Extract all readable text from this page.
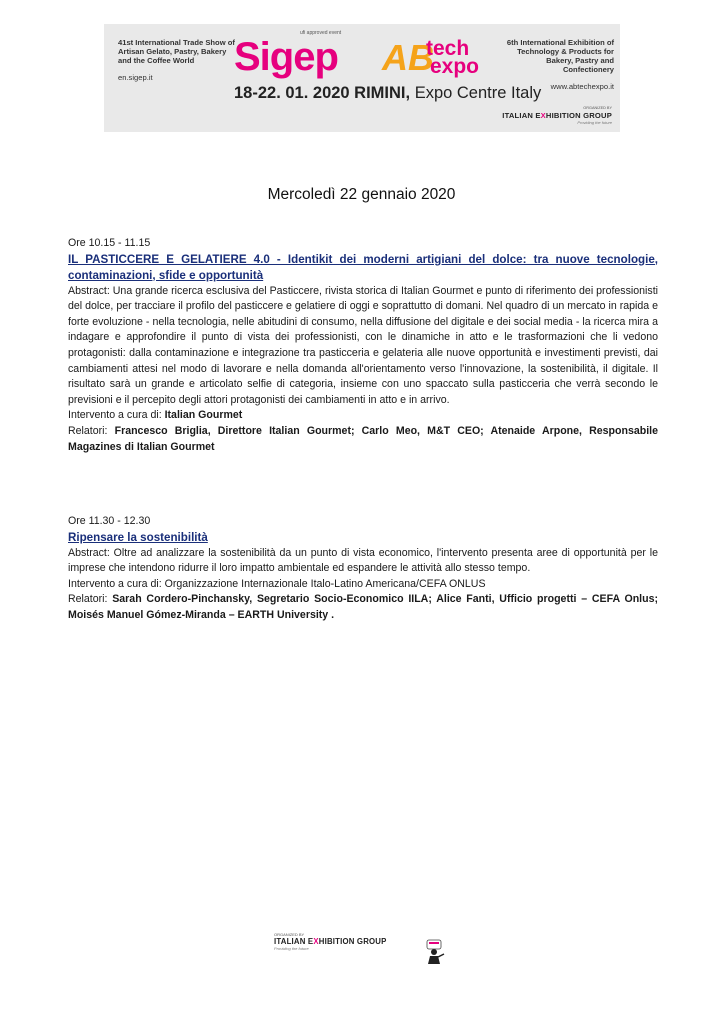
41st International Trade Show of Artisan Gelato, Pastry, Bakery and the Coffee World
en.sigep.it
ufi approved event
Sigep AB
tech
expo
6th International Exhibition of Technology & Products for Bakery, Pastry and Confectionery
www.abtechexpo.it
18-22. 01. 2020 RIMINI, Expo Centre Italy
ORGANIZED BY
ITALIAN EXHIBITION GROUP
Providing the future
Mercoledì 22 gennaio 2020
Ore 10.15 - 11.15
IL PASTICCERE E GELATIERE 4.0 - Identikit dei moderni artigiani del dolce: tra nuove tecnologie, contaminazioni, sfide e opportunità
Abstract: Una grande ricerca esclusiva del Pasticcere, rivista storica di Italian Gourmet e punto di riferimento dei professionisti del dolce, per tracciare il profilo del pasticcere e gelatiere di oggi e soprattutto di domani. Nel quadro di un mercato in rapida e forte evoluzione - nella tecnologia, nelle abitudini di consumo, nella diffusione del digitale e dei social media - la ricerca mira a indagare e approfondire il punto di vista dei professionisti, con le dinamiche in atto e le trasformazioni che li vedono protagonisti: dalla contaminazione e integrazione tra pasticceria e gelateria alle nuove opportunità e investimenti previsti, dai cambiamenti attesi nel modo di lavorare e nella domanda all'orientamento verso l'innovazione, la sostenibilità, il digitale. Il risultato sarà un grande e articolato selfie di categoria, insieme con uno spaccato sulla pasticceria che verrà secondo le previsioni e il percepito degli attori protagonisti dei cambiamenti in atto e in arrivo.
Intervento a cura di: Italian Gourmet
Relatori: Francesco Briglia, Direttore Italian Gourmet; Carlo Meo, M&T CEO; Atenaide Arpone, Responsabile Magazines di Italian Gourmet
Ore 11.30 - 12.30
Ripensare la sostenibilità
Abstract: Oltre ad analizzare la sostenibilità da un punto di vista economico, l'intervento presenta aree di opportunità per le imprese che intendono ridurre il loro impatto ambientale ed espandere le attività allo stesso tempo.
Intervento a cura di: Organizzazione Internazionale Italo-Latino Americana/CEFA ONLUS
Relatori: Sarah Cordero-Pinchansky, Segretario Socio-Economico IILA; Alice Fanti, Ufficio progetti – CEFA Onlus; Moisés Manuel Gómez-Miranda – EARTH University .
ORGANIZED BY
ITALIAN EXHIBITION GROUP
Providing the future
